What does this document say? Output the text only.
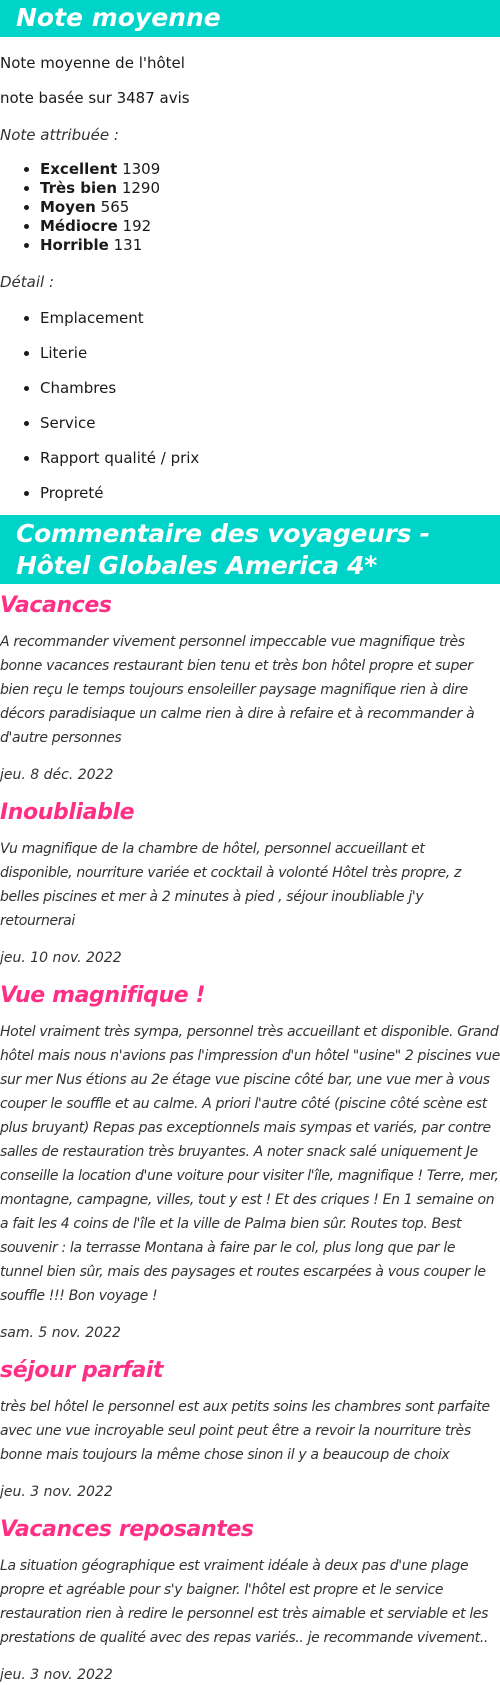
Note moyenne

Note moyenne de l'hôtel

note basée sur 3487 avis

Note attribuée :

• Excellent 1309
• Très bien 1290
• Moyen 565
• Médiocre 192
• Horrible 131

Détail :

• Emplacement
• Literie
• Chambres
• Service
• Rapport qualité / prix
• Propreté
Commentaire des voyageurs - Hôtel Globales America 4*
Vacances

A recommander vivement personnel impeccable vue magnifique très bonne vacances restaurant bien tenu et très bon hôtel propre et super bien reçu le temps toujours ensoleiller paysage magnifique rien à dire décors paradisiaque un calme rien à dire à refaire et à recommander à d'autre personnes

jeu. 8 déc. 2022

Inoubliable

Vu magnifique de la chambre de hôtel, personnel accueillant et disponible, nourriture variée et cocktail à volonté Hôtel très propre, z belles piscines et mer à 2 minutes à pied , séjour inoubliable j'y retournerai

jeu. 10 nov. 2022

Vue magnifique !

Hotel vraiment très sympa, personnel très accueillant et disponible. Grand hôtel mais nous n'avions pas l'impression d'un hôtel "usine" 2 piscines vue sur mer Nus étions au 2e étage vue piscine côté bar, une vue mer à vous couper le souffle et au calme. A priori l'autre côté (piscine côté scène est plus bruyant) Repas pas exceptionnels mais sympas et variés, par contre salles de restauration très bruyantes. A noter snack salé uniquement Je conseille la location d'une voiture pour visiter l'île, magnifique ! Terre, mer, montagne, campagne, villes, tout y est ! Et des criques ! En 1 semaine on a fait les 4 coins de l'île et la ville de Palma bien sûr. Routes top. Best souvenir : la terrasse Montana à faire par le col, plus long que par le tunnel bien sûr, mais des paysages et routes escarpées à vous couper le souffle !!! Bon voyage !

sam. 5 nov. 2022

séjour parfait

très bel hôtel le personnel est aux petits soins les chambres sont parfaite avec une vue incroyable seul point peut être a revoir la nourriture très bonne mais toujours la même chose sinon il y a beaucoup de choix

jeu. 3 nov. 2022

Vacances reposantes

La situation géographique est vraiment idéale à deux pas d'une plage propre et agréable pour s'y baigner. l'hôtel est propre et le service restauration rien à redire le personnel est très aimable et serviable et les prestations de qualité avec des repas variés.. je recommande vivement..

jeu. 3 nov. 2022
